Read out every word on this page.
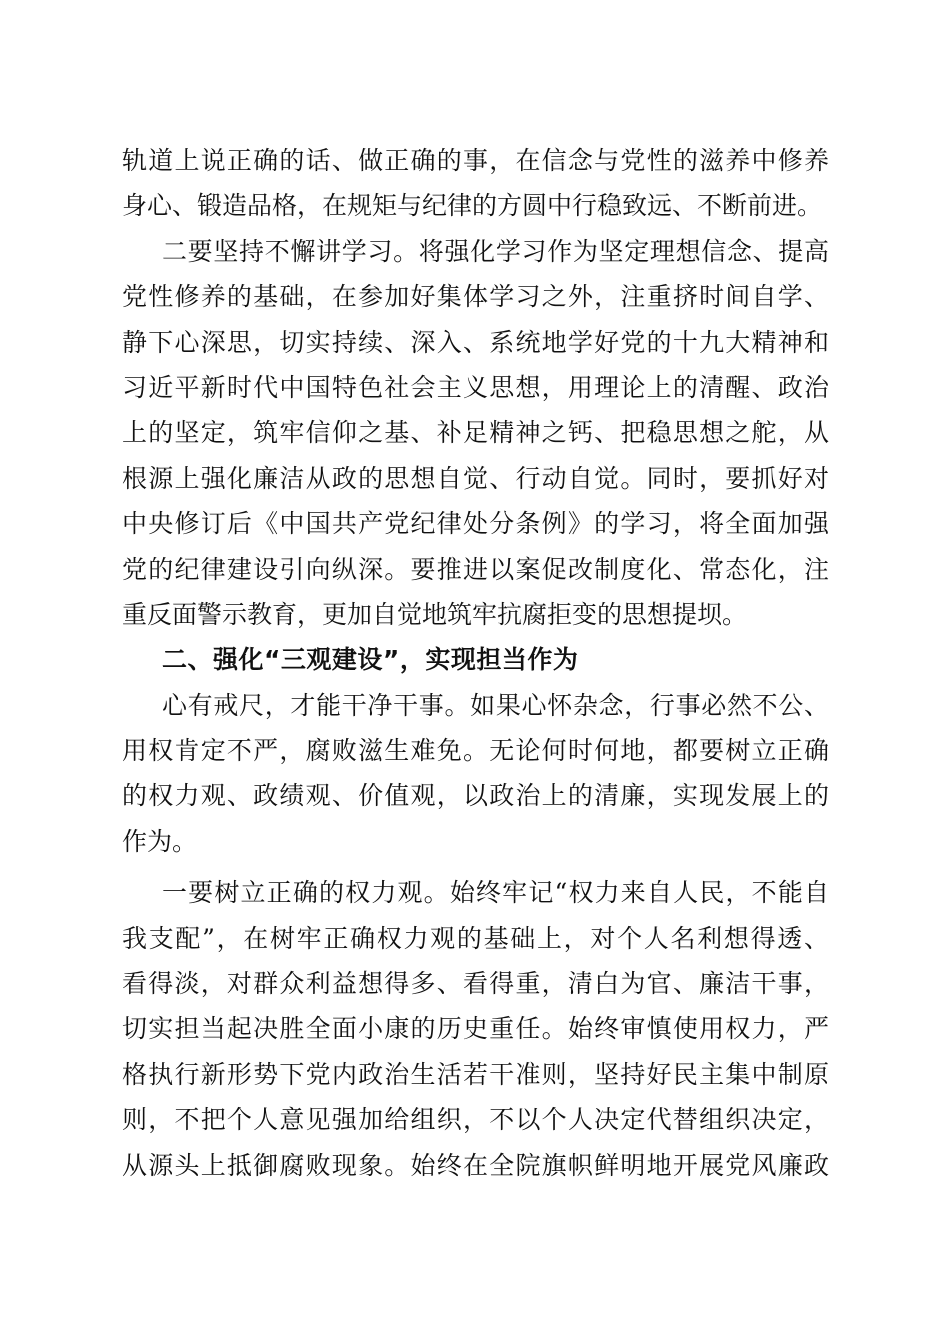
轨道上说正确的话、做正确的事，在信念与党性的滋养中修养
身心、锻造品格，在规矩与纪律的方圆中行稳致远、不断前进。
二要坚持不懈讲学习。将强化学习作为坚定理想信念、提高
党性修养的基础，在参加好集体学习之外，注重挤时间自学、
静下心深思，切实持续、深入、系统地学好党的十九大精神和
习近平新时代中国特色社会主义思想，用理论上的清醒、政治
上的坚定，筑牢信仰之基、补足精神之钙、把稳思想之舵，从
根源上强化廉洁从政的思想自觉、行动自觉。同时，要抓好对
中央修订后《中国共产党纪律处分条例》的学习，将全面加强
党的纪律建设引向纵深。要推进以案促改制度化、常态化，注
重反面警示教育，更加自觉地筑牢抗腐拒变的思想提坝。
二、强化“三观建设”，实现担当作为
心有戒尺，才能干净干事。如果心怀杂念，行事必然不公、
用权肯定不严，腐败滋生难免。无论何时何地，都要树立正确
的权力观、政绩观、价值观，以政治上的清廉，实现发展上的
作为。
一要树立正确的权力观。始终牢记“权力来自人民，不能自
我支配”，在树牢正确权力观的基础上，对个人名利想得透、
看得淡，对群众利益想得多、看得重，清白为官、廉洁干事，
切实担当起决胜全面小康的历史重任。始终审慎使用权力，严
格执行新形势下党内政治生活若干准则，坚持好民主集中制原
则，不把个人意见强加给组织，不以个人决定代替组织决定，
从源头上抵御腐败现象。始终在全院旗帜鲜明地开展党风廉政
